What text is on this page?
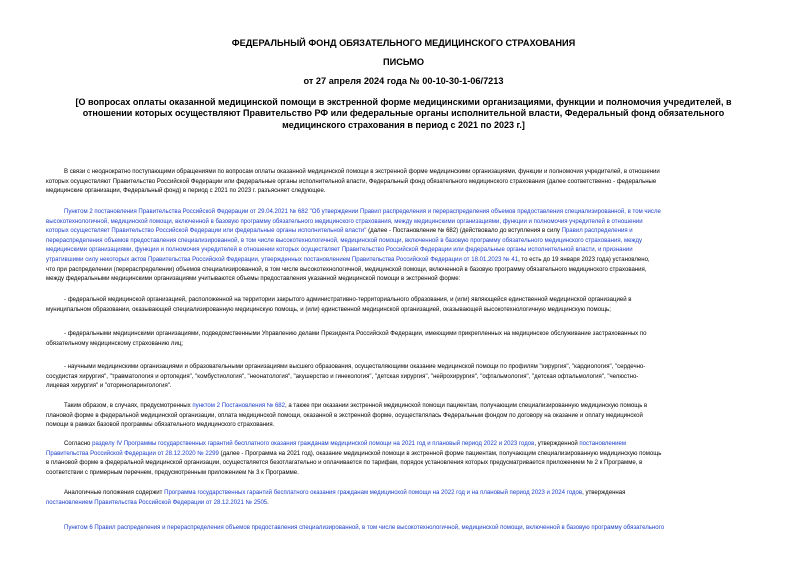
ФЕДЕРАЛЬНЫЙ ФОНД ОБЯЗАТЕЛЬНОГО МЕДИЦИНСКОГО СТРАХОВАНИЯ
ПИСЬМО
от 27 апреля 2024 года № 00-10-30-1-06/7213
[О вопросах оплаты оказанной медицинской помощи в экстренной форме медицинскими организациями, функции и полномочия учредителей, в отношении которых осуществляют Правительство РФ или федеральные органы исполнительной власти, Федеральный фонд обязательного медицинского страхования в период с 2021 по 2023 г.]
В связи с неоднократно поступающими обращениями по вопросам оплаты оказанной медицинской помощи в экстренной форме медицинскими организациями, функции и полномочия учредителей, в отношении
которых осуществляют Правительство Российской Федерации или федеральные органы исполнительной власти, Федеральный фонд обязательного медицинского страхования (далее соответственно - федеральные
медицинские организации, Федеральный фонд) в период с 2021 по 2023 г. разъясняет следующее.
Пунктом 2 постановления Правительства Российской Федерации от 29.04.2021 № 682 "Об утверждении Правил распределения и перераспределения объемов предоставления специализированной, в том числе
высокотехнологичной, медицинской помощи, включенной в базовую программу обязательного медицинского страхования, между медицинскими организациями, функции и полномочия учредителей в отношении
которых осуществляет Правительство Российской Федерации или федеральные органы исполнительной власти" (далее - Постановление № 682) (действовало до вступления в силу Правил распределения и
перераспределения объемов предоставления специализированной, в том числе высокотехнологичной, медицинской помощи, включенной в базовую программу обязательного медицинского страхования, между
медицинскими организациями, функции и полномочия учредителей в отношении которых осуществляет Правительство Российской Федерации или федеральные органы исполнительной власти, и признании
утратившими силу некоторых актов Правительства Российской Федерации, утвержденных постановлением Правительства Российской Федерации от 18.01.2023 № 41, то есть до 19 января 2023 года) установлено,
что при распределении (перераспределении) объемов специализированной, в том числе высокотехнологичной, медицинской помощи, включенной в базовую программу обязательного медицинского страхования,
между федеральными медицинскими организациями учитываются объемы предоставления указанной медицинской помощи в экстренной форме:
- федеральной медицинской организацией, расположенной на территории закрытого административно-территориального образования, и (или) являющейся единственной медицинской организацией в
муниципальном образовании, оказывающей специализированную медицинскую помощь, и (или) единственной медицинской организацией, оказывающей высокотехнологичную медицинскую помощь;
- федеральными медицинскими организациями, подведомственными Управлению делами Президента Российской Федерации, имеющими прикрепленных на медицинское обслуживание застрахованных по
обязательному медицинскому страхованию лиц;
- научными медицинскими организациями и образовательными организациями высшего образования, осуществляющими оказание медицинской помощи по профилям "хирургия", "кардиология", "сердечно-
сосудистая хирургия", "травматология и ортопедия", "комбустиология", "неонатология", "акушерство и гинекология", "детская хирургия", "нейрохирургия", "офтальмология", "детская офтальмология", "челюстно-
лицевая хирургия" и "оториноларингология".
Таким образом, в случаях, предусмотренных пунктом 2 Постановления № 682, а также при оказании экстренной медицинской помощи пациентам, получающим специализированную медицинскую помощь в
плановой форме в федеральной медицинской организации, оплата медицинской помощи, оказанной в экстренной форме, осуществлялась Федеральным фондом по договору на оказание и оплату медицинской
помощи в рамках базовой программы обязательного медицинского страхования.
Согласно разделу IV Программы государственных гарантий бесплатного оказания гражданам медицинской помощи на 2021 год и плановый период 2022 и 2023 годов, утвержденной постановлением
Правительства Российской Федерации от 28.12.2020 № 2299 (далее - Программа на 2021 год), оказание медицинской помощи в экстренной форме пациентам, получающим специализированную медицинскую помощь
в плановой форме в федеральной медицинской организации, осуществляется безотлагательно и оплачивается по тарифам, порядок установления которых предусматривается приложением № 2 к Программе, в
соответствии с примерным перечнем, предусмотренным приложением № 3 к Программе.
Аналогичные положения содержит Программа государственных гарантий бесплатного оказания гражданам медицинской помощи на 2022 год и на плановый период 2023 и 2024 годов, утвержденная
постановлением Правительства Российской Федерации от 28.12.2021 № 2505.
Пунктом 6 Правил распределения и перераспределения объемов предоставления специализированной, в том числе высокотехнологичной, медицинской помощи, включенной в базовую программу обязательного
